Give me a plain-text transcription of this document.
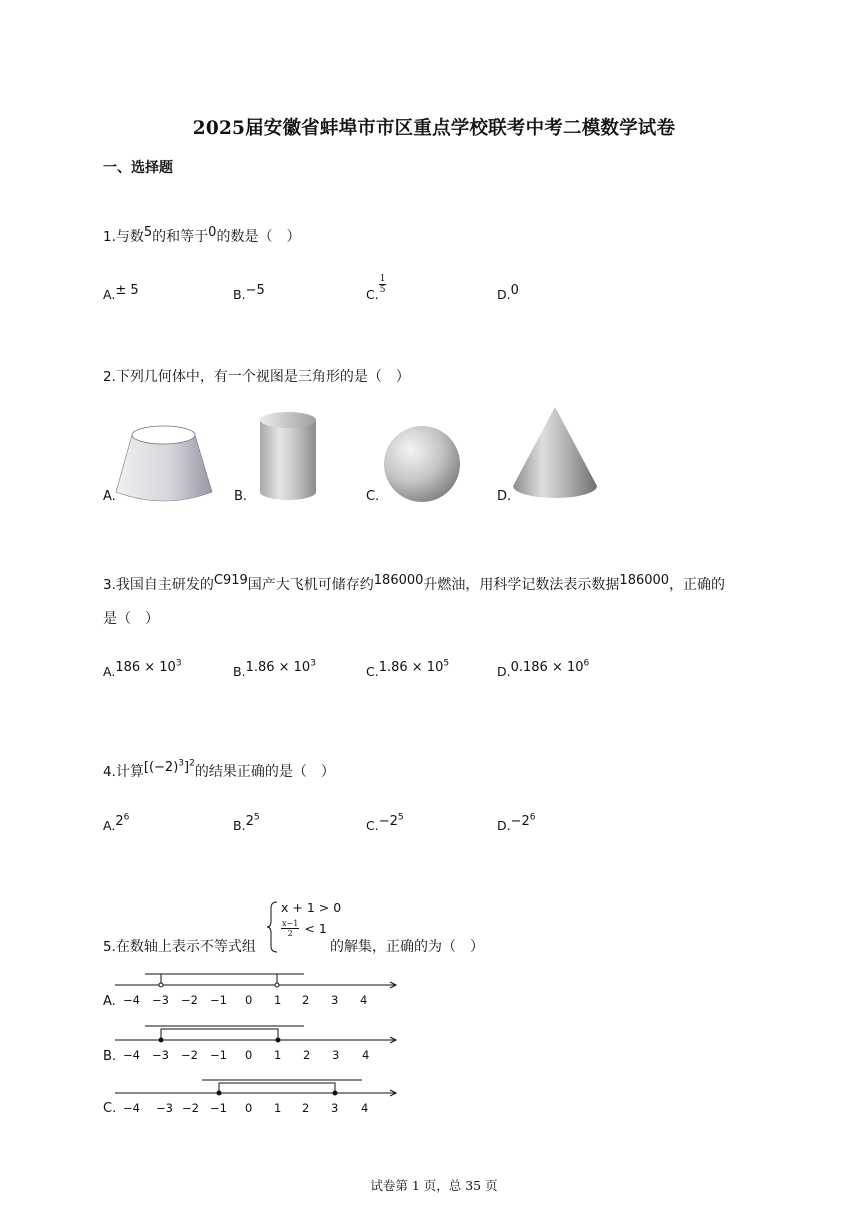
2025届安徽省蚌埠市市区重点学校联考中考二模数学试卷
一、选择题
1.与数5的和等于0的数是（　）
A.$^{\pm 5}$	B.$^{-5}$	C. $\frac{1}{5}$	D.$^0$
2.下列几何体中，有一个视图是三角形的是（　）
A.	B.	C.	D.
3.我国自主研发的C919国产大飞机可储存约186000升燃油，用科学记数法表示数据186000，正确的
是（　）
A.$^{186 \times 10^3}$
B.$^{1.86 \times 10^3}$
C.$^{1.86 \times 10^5}$
D.$^{0.186 \times 10^6}$
4.计算$[(-2)^3]^2$的结果正确的是（　）
A.$^{2^6}$
B.$^{2^5}$
C.$^{-2^5}$
D.$^{-2^6}$
5.在数轴上表示不等式组
x + 1 > 0
$\frac{x-1}{2} < 1$
的解集，正确的为（　）
A. −4 −3 −2 −1 0 1 2 3 4
B. −4 −3 −2 −1 0 1 2 3 4
C. −4 −3 −2 −1 0 1 2 3 4
试卷第 1 页，总 35 页
